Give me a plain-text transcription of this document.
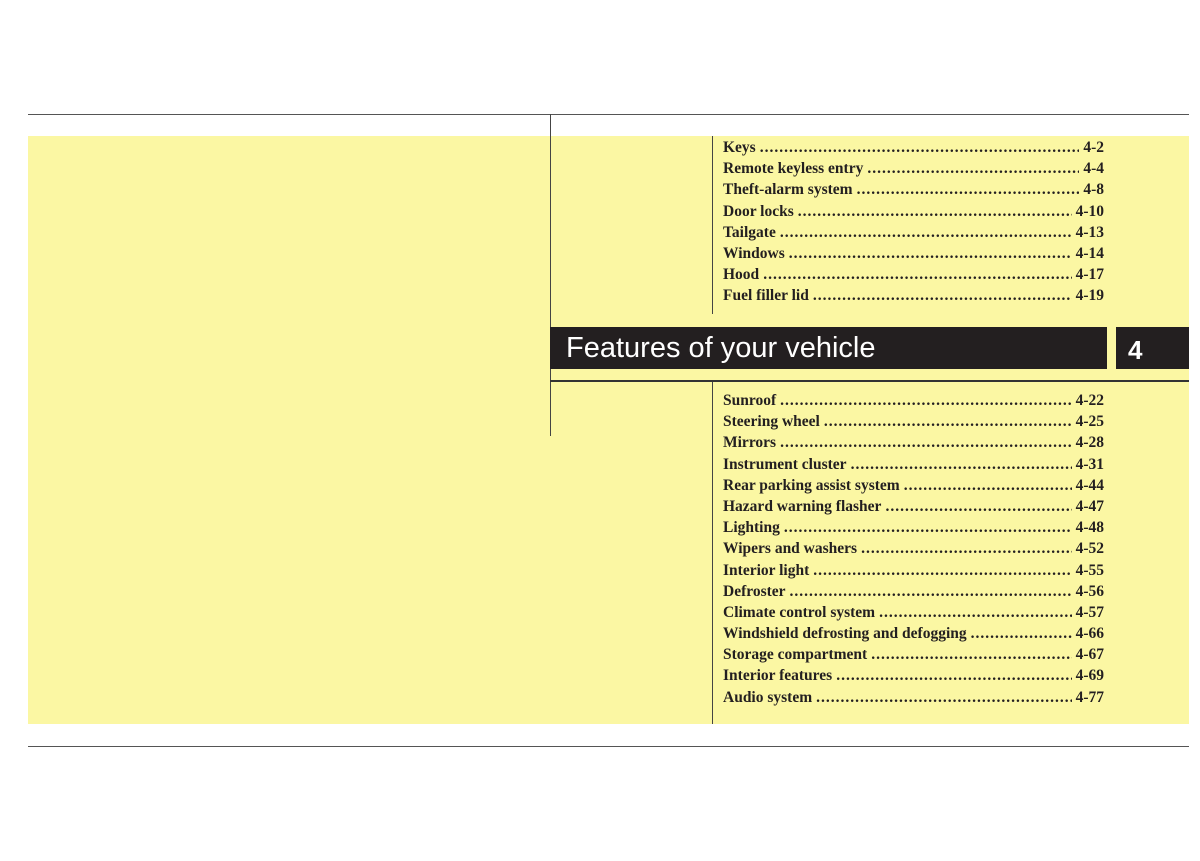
Features of your vehicle	4
Keys .....	4-2
Remote keyless entry .....	4-4
Theft-alarm system .....	4-8
Door locks .....	4-10
Tailgate .....	4-13
Windows .....	4-14
Hood .....	4-17
Fuel filler lid .....	4-19
Sunroof .....	4-22
Steering wheel .....	4-25
Mirrors .....	4-28
Instrument cluster .....	4-31
Rear parking assist system .....	4-44
Hazard warning flasher .....	4-47
Lighting .....	4-48
Wipers and washers .....	4-52
Interior light .....	4-55
Defroster .....	4-56
Climate control system .....	4-57
Windshield defrosting and defogging .....	4-66
Storage compartment .....	4-67
Interior features .....	4-69
Audio system .....	4-77
